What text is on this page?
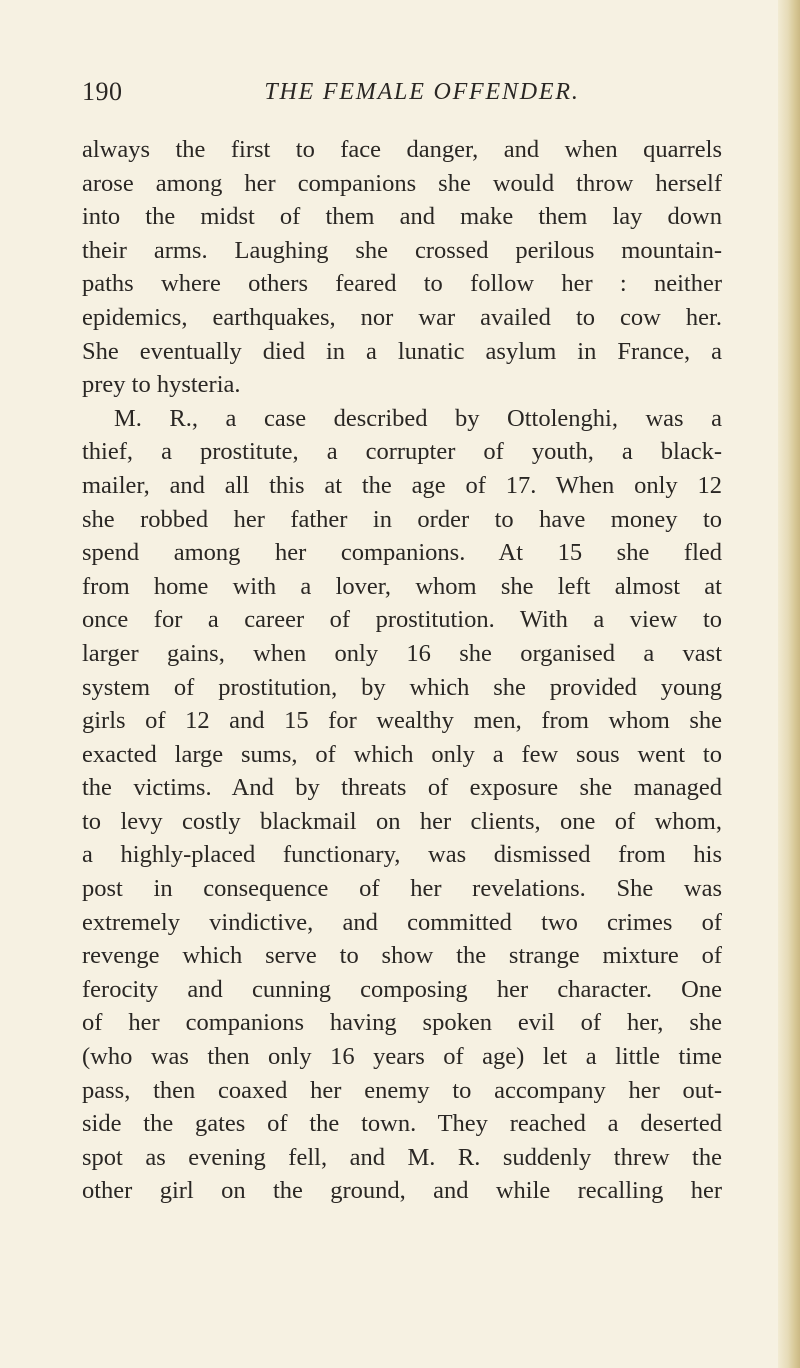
190	THE FEMALE OFFENDER.
always the first to face danger, and when quarrels
arose among her companions she would throw herself
into the midst of them and make them lay down
their arms. Laughing she crossed perilous mountain-
paths where others feared to follow her : neither
epidemics, earthquakes, nor war availed to cow her.
She eventually died in a lunatic asylum in France, a
prey to hysteria.
M. R., a case described by Ottolenghi, was a
thief, a prostitute, a corrupter of youth, a black-
mailer, and all this at the age of 17. When only 12
she robbed her father in order to have money to
spend among her companions. At 15 she fled
from home with a lover, whom she left almost at
once for a career of prostitution. With a view to
larger gains, when only 16 she organised a vast
system of prostitution, by which she provided young
girls of 12 and 15 for wealthy men, from whom she
exacted large sums, of which only a few sous went to
the victims. And by threats of exposure she managed
to levy costly blackmail on her clients, one of whom,
a highly-placed functionary, was dismissed from his
post in consequence of her revelations. She was
extremely vindictive, and committed two crimes of
revenge which serve to show the strange mixture of
ferocity and cunning composing her character. One
of her companions having spoken evil of her, she
(who was then only 16 years of age) let a little time
pass, then coaxed her enemy to accompany her out-
side the gates of the town. They reached a deserted
spot as evening fell, and M. R. suddenly threw the
other girl on the ground, and while recalling her
